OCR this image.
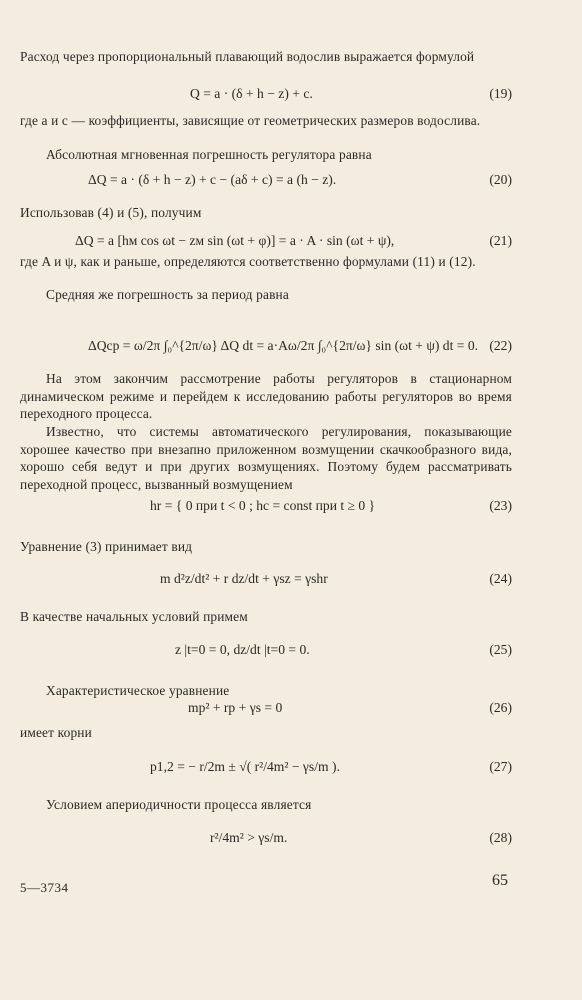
Расход через пропорциональный плавающий водослив выражается формулой
Q = a · (δ + h − z) + c.	(19)
где a и c — коэффициенты, зависящие от геометрических размеров водослива.
Абсолютная мгновенная погрешность регулятора равна
ΔQ = a · (δ + h − z) + c − (aδ + c) = a (h − z).	(20)
Использовав (4) и (5), получим
ΔQ = a [hм cos ωt − zм sin (ωt + φ)] = a · A · sin (ωt + ψ),	(21)
где A и ψ, как и раньше, определяются соответственно формулами (11) и (12).
Средняя же погрешность за период равна
ΔQср = ω/2π ∫₀^{2π/ω} ΔQ dt = a·Aω/2π ∫₀^{2π/ω} sin (ωt + ψ) dt = 0. (22)
На этом закончим рассмотрение работы регуляторов в стационарном динамическом режиме и перейдем к исследованию работы регуляторов во время переходного процесса.
Известно, что системы автоматического регулирования, показывающие хорошее качество при внезапно приложенном возмущении скачкообразного вида, хорошо себя ведут и при других возмущениях. Поэтому будем рассматривать переходной процесс, вызванный возмущением
hr = { 0 при t < 0 ; hc = const при t ≥ 0 }	(23)
Уравнение (3) принимает вид
m d²z/dt² + r dz/dt + γsz = γshr	(24)
В качестве начальных условий примем
z |t=0 = 0, dz/dt |t=0 = 0.	(25)
Характеристическое уравнение
mp² + rp + γs = 0	(26)
имеет корни
p1,2 = − r/2m ± √( r²/4m² − γs/m ).	(27)
Условием апериодичности процесса является
r²/4m² > γs/m.	(28)
5—3734	65
